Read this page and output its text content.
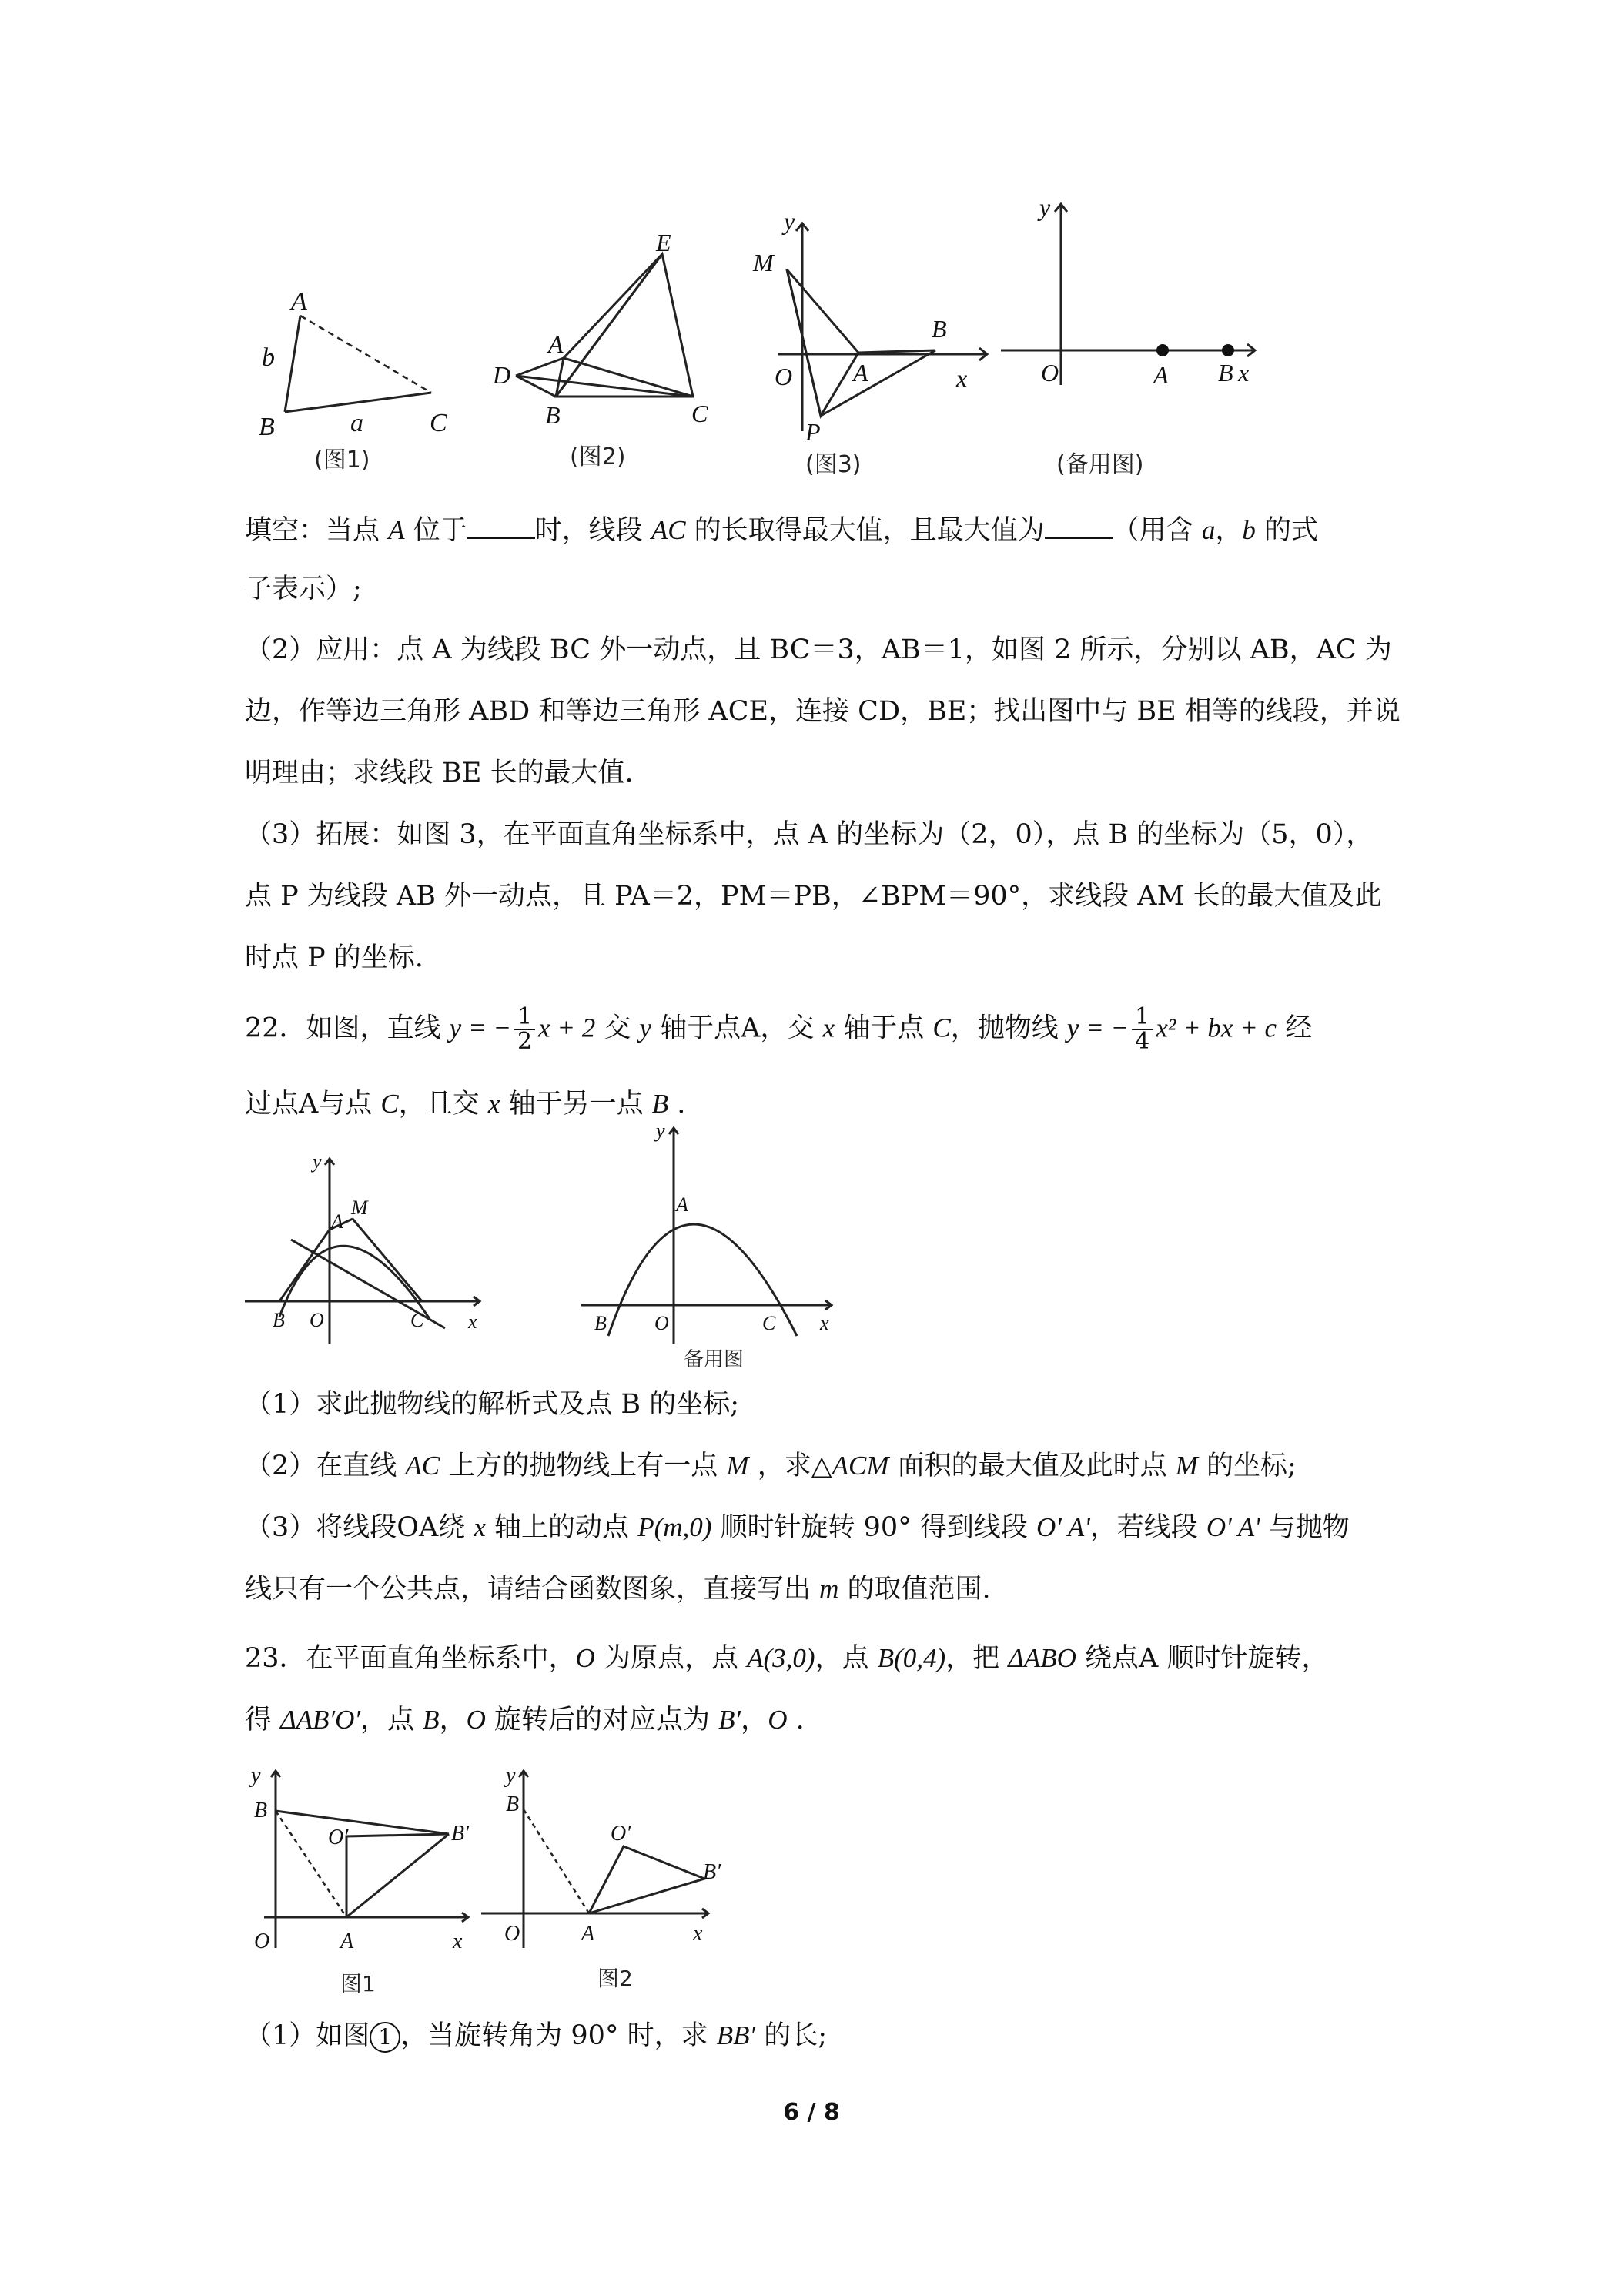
A
b
B	a	C
(图1)
E
A
D
B	C
(图2)
y
M
O A
B
x
P
(图3)
y
O	A B x
(备用图)
填空：当点 A 位于	时，线段 AC 的长取得最大值，且最大值为	（用含 a，b 的式
子表示）;
（2）应用：点 A 为线段 BC 外一动点，且 BC＝3，AB＝1，如图 2 所示，分别以 AB，AC 为
边，作等边三角形 ABD 和等边三角形 ACE，连接 CD，BE；找出图中与 BE 相等的线段，并说
明理由；求线段 BE 长的最大值.
（3）拓展：如图 3，在平面直角坐标系中，点 A 的坐标为（2，0），点 B 的坐标为（5，0），
点 P 为线段 AB 外一动点，且 PA＝2，PM＝PB，∠BPM＝90°，求线段 AM 长的最大值及此
时点 P 的坐标.
22．如图，直线 y = − $\frac{1}{2}$ x + 2 交 y 轴于点A，交 x 轴于点 C，抛物线 y = − $\frac{1}{4} x^2$ + bx + c 经
过点A与点 C，且交 x 轴于另一点 B .
y
A
M
B O	C x
y
A
B O	C x
备用图
（1）求此抛物线的解析式及点 B 的坐标;
（2）在直线 AC 上方的抛物线上有一点 M ，求△ACM 面积的最大值及此时点 M 的坐标;
（3）将线段OA绕 x 轴上的动点 P(m,0) 顺时针旋转 90° 得到线段 O' A'，若线段 O' A' 与抛物
线只有一个公共点，请结合函数图象，直接写出 m 的取值范围.
23．在平面直角坐标系中，O 为原点，点 A(3,0)，点 B(0,4)，把 ΔABO 绕点A 顺时针旋转，
得 ΔAB′O′，点 B，O 旋转后的对应点为 B′，O .
y
B
O′	B′
O	A	x
图1
y
B
O′
B′
O	A	x
图2
（1）如图 1 ，当旋转角为 90° 时，求 BB′ 的长;
6 / 8
